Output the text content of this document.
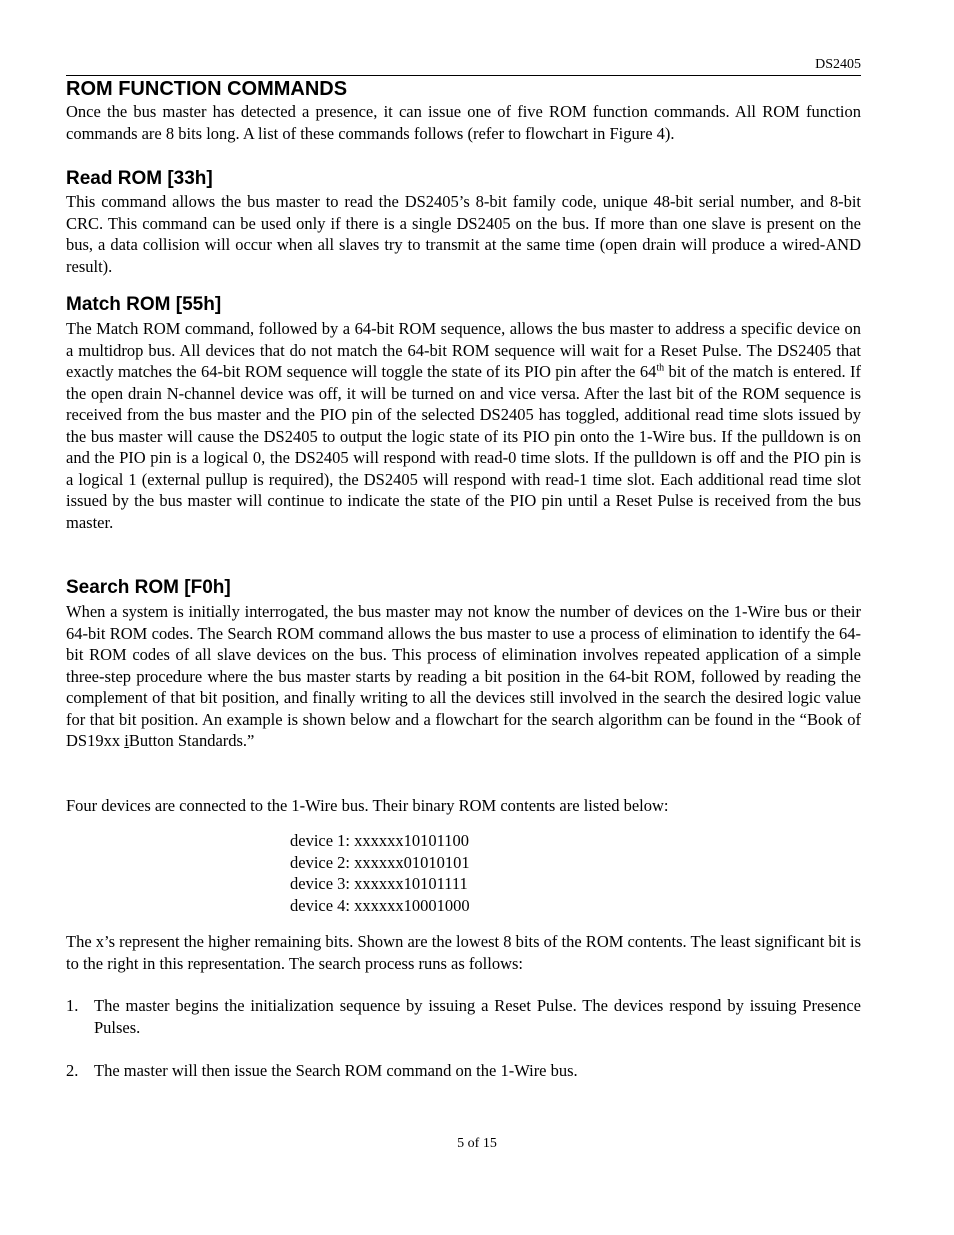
DS2405
ROM FUNCTION COMMANDS
Once the bus master has detected a presence, it can issue one of five ROM function commands. All ROM function commands are 8 bits long. A list of these commands follows (refer to flowchart in Figure 4).
Read ROM [33h]
This command allows the bus master to read the DS2405’s 8-bit family code, unique 48-bit serial number, and 8-bit CRC. This command can be used only if there is a single DS2405 on the bus. If more than one slave is present on the bus, a data collision will occur when all slaves try to transmit at the same time (open drain will produce a wired-AND result).
Match ROM [55h]
The Match ROM command, followed by a 64-bit ROM sequence, allows the bus master to address a specific device on a multidrop bus. All devices that do not match the 64-bit ROM sequence will wait for a Reset Pulse. The DS2405 that exactly matches the 64-bit ROM sequence will toggle the state of its PIO pin after the 64th bit of the match is entered. If the open drain N-channel device was off, it will be turned on and vice versa. After the last bit of the ROM sequence is received from the bus master and the PIO pin of the selected DS2405 has toggled, additional read time slots issued by the bus master will cause the DS2405 to output the logic state of its PIO pin onto the 1-Wire bus. If the pulldown is on and the PIO pin is a logical 0, the DS2405 will respond with read-0 time slots. If the pulldown is off and the PIO pin is a logical 1 (external pullup is required), the DS2405 will respond with read-1 time slot. Each additional read time slot issued by the bus master will continue to indicate the state of the PIO pin until a Reset Pulse is received from the bus master.
Search ROM [F0h]
When a system is initially interrogated, the bus master may not know the number of devices on the 1-Wire bus or their 64-bit ROM codes. The Search ROM command allows the bus master to use a process of elimination to identify the 64-bit ROM codes of all slave devices on the bus. This process of elimination involves repeated application of a simple three-step procedure where the bus master starts by reading a bit position in the 64-bit ROM, followed by reading the complement of that bit position, and finally writing to all the devices still involved in the search the desired logic value for that bit position. An example is shown below and a flowchart for the search algorithm can be found in the “Book of DS19xx iButton Standards.”
Four devices are connected to the 1-Wire bus. Their binary ROM contents are listed below:
device 1: xxxxxx10101100
device 2: xxxxxx01010101
device 3: xxxxxx10101111
device 4: xxxxxx10001000
The x’s represent the higher remaining bits. Shown are the lowest 8 bits of the ROM contents. The least significant bit is to the right in this representation. The search process runs as follows:
1. The master begins the initialization sequence by issuing a Reset Pulse. The devices respond by issuing Presence Pulses.
2. The master will then issue the Search ROM command on the 1-Wire bus.
5 of 15
